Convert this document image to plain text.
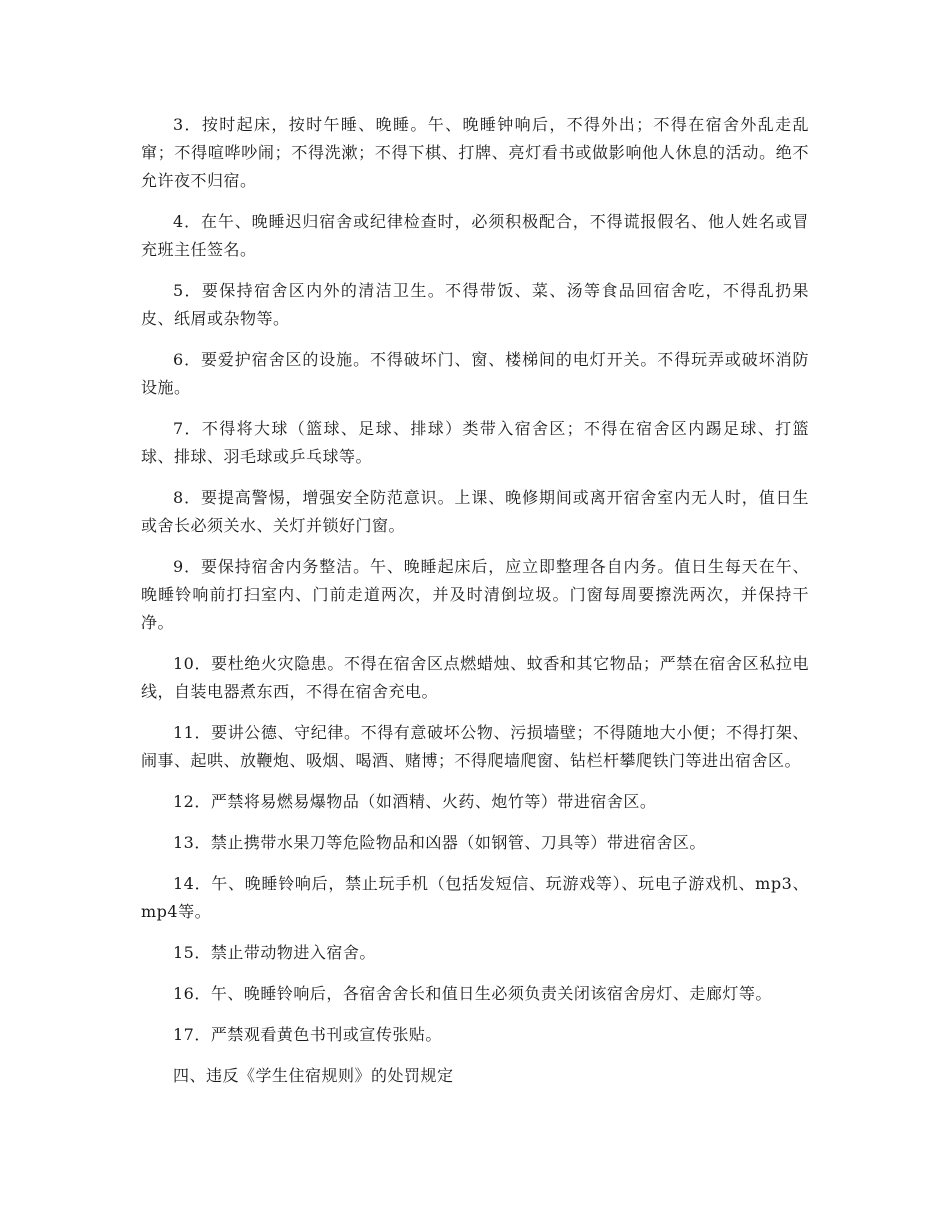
3．按时起床，按时午睡、晚睡。午、晚睡钟响后，不得外出；不得在宿舍外乱走乱窜；不得喧哗吵闹；不得洗漱；不得下棋、打牌、亮灯看书或做影响他人休息的活动。绝不允许夜不归宿。

4．在午、晚睡迟归宿舍或纪律检查时，必须积极配合，不得谎报假名、他人姓名或冒充班主任签名。

5．要保持宿舍区内外的清洁卫生。不得带饭、菜、汤等食品回宿舍吃，不得乱扔果皮、纸屑或杂物等。

6．要爱护宿舍区的设施。不得破坏门、窗、楼梯间的电灯开关。不得玩弄或破坏消防设施。

7．不得将大球（篮球、足球、排球）类带入宿舍区；不得在宿舍区内踢足球、打篮球、排球、羽毛球或乒乓球等。

8．要提高警惕，增强安全防范意识。上课、晚修期间或离开宿舍室内无人时，值日生或舍长必须关水、关灯并锁好门窗。

9．要保持宿舍内务整洁。午、晚睡起床后，应立即整理各自内务。值日生每天在午、晚睡铃响前打扫室内、门前走道两次，并及时清倒垃圾。门窗每周要擦洗两次，并保持干净。

10．要杜绝火灾隐患。不得在宿舍区点燃蜡烛、蚊香和其它物品；严禁在宿舍区私拉电线，自装电器煮东西，不得在宿舍充电。

11．要讲公德、守纪律。不得有意破坏公物、污损墙壁；不得随地大小便；不得打架、闹事、起哄、放鞭炮、吸烟、喝酒、赌博；不得爬墙爬窗、钻栏杆攀爬铁门等进出宿舍区。

12．严禁将易燃易爆物品（如酒精、火药、炮竹等）带进宿舍区。

13．禁止携带水果刀等危险物品和凶器（如钢管、刀具等）带进宿舍区。

14．午、晚睡铃响后，禁止玩手机（包括发短信、玩游戏等）、玩电子游戏机、mp3、mp4等。

15．禁止带动物进入宿舍。

16．午、晚睡铃响后，各宿舍舍长和值日生必须负责关闭该宿舍房灯、走廊灯等。

17．严禁观看黄色书刊或宣传张贴。

四、违反《学生住宿规则》的处罚规定
